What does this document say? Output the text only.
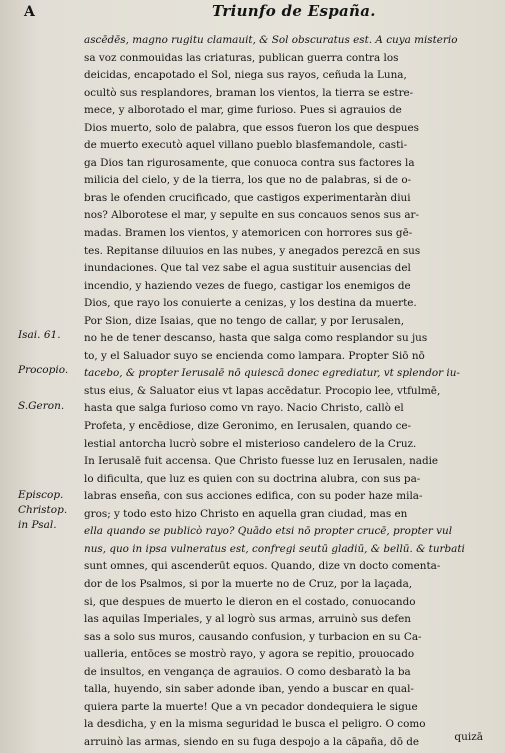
A	Triunfo de España.
Isai. 61.
Procopio.
S.Geron.
Episcop.
Christop.
in Psal.
ascēdēs, magno rugitu clamauit, & Sol obscuratus est. A cuya misterio
sa voz conmouidas las criaturas, publican guerra contra los
deicidas, encapotado el Sol, niega sus rayos, ceñuda la Luna,
ocultò sus resplandores, braman los vientos, la tierra se estre-
mece, y alborotado el mar, gime furioso. Pues si agrauios de
Dios muerto, solo de palabra, que essos fueron los que despues
de muerto executò aquel villano pueblo blasfemandole, casti-
ga Dios tan rigurosamente, que conuoca contra sus factores la
milicia del cielo, y de la tierra, los que no de palabras, si de o-
bras le ofenden crucificado, que castigos experimentaràn diui
nos? Alborotese el mar, y sepulte en sus concauos senos sus ar-
madas. Bramen los vientos, y atemoricen con horrores sus gē-
tes. Repitanse diluuios en las nubes, y anegados perezcā en sus
inundaciones. Que tal vez sabe el agua sustituir ausencias del
incendio, y haziendo vezes de fuego, castigar los enemigos de
Dios, que rayo los conuierte a cenizas, y los destina da muerte.
Por Sion, dize Isaias, que no tengo de callar, y por Ierusalen,
no he de tener descanso, hasta que salga como resplandor su jus
to, y el Saluador suyo se encienda como lampara. Propter Siō nō
tacebo, & propter Ierusalē nō quiescā donec egrediatur, vt splendor iu-
stus eius, & Saluator eius vt lapas accēdatur. Procopio lee, vtfulmē,
hasta que salga furioso como vn rayo. Nacio Christo, callò el
Profeta, y encēdiose, dize Geronimo, en Ierusalen, quando ce-
lestial antorcha lucrò sobre el misterioso candelero de la Cruz.
In Ierusalē fuit accensa. Que Christo fuesse luz en Ierusalen, nadie
lo dificulta, que luz es quien con su doctrina alubra, con sus pa-
labras enseña, con sus acciones edifica, con su poder haze mila-
gros; y todo esto hizo Christo en aquella gran ciudad, mas en
ella quando se publicò rayo? Quādo etsi nō propter crucē, propter vul
nus, quo in ipsa vulneratus est, confregi seutū gladiū, & bellū. & turbati
sunt omnes, qui ascenderūt equos. Quando, dize vn docto comenta-
dor de los Psalmos, si por la muerte no de Cruz, por la laçada,
si, que despues de muerto le dieron en el costado, conuocando
las aquilas Imperiales, y al logrò sus armas, arruinò sus defen
sas a solo sus muros, causando confusion, y turbacion en su Ca-
ualleria, entōces se mostrò rayo, y agora se repitio, prouocado
de insultos, en vengança de agrauios. O como desbaratò la ba
talla, huyendo, sin saber adonde iban, yendo a buscar en qual-
quiera parte la muerte! Que a vn pecador dondequiera le sigue
la desdicha, y en la misma seguridad le busca el peligro. O como
arruinò las armas, siendo en su fuga despojo a la cāpaña, dō de	quizā
